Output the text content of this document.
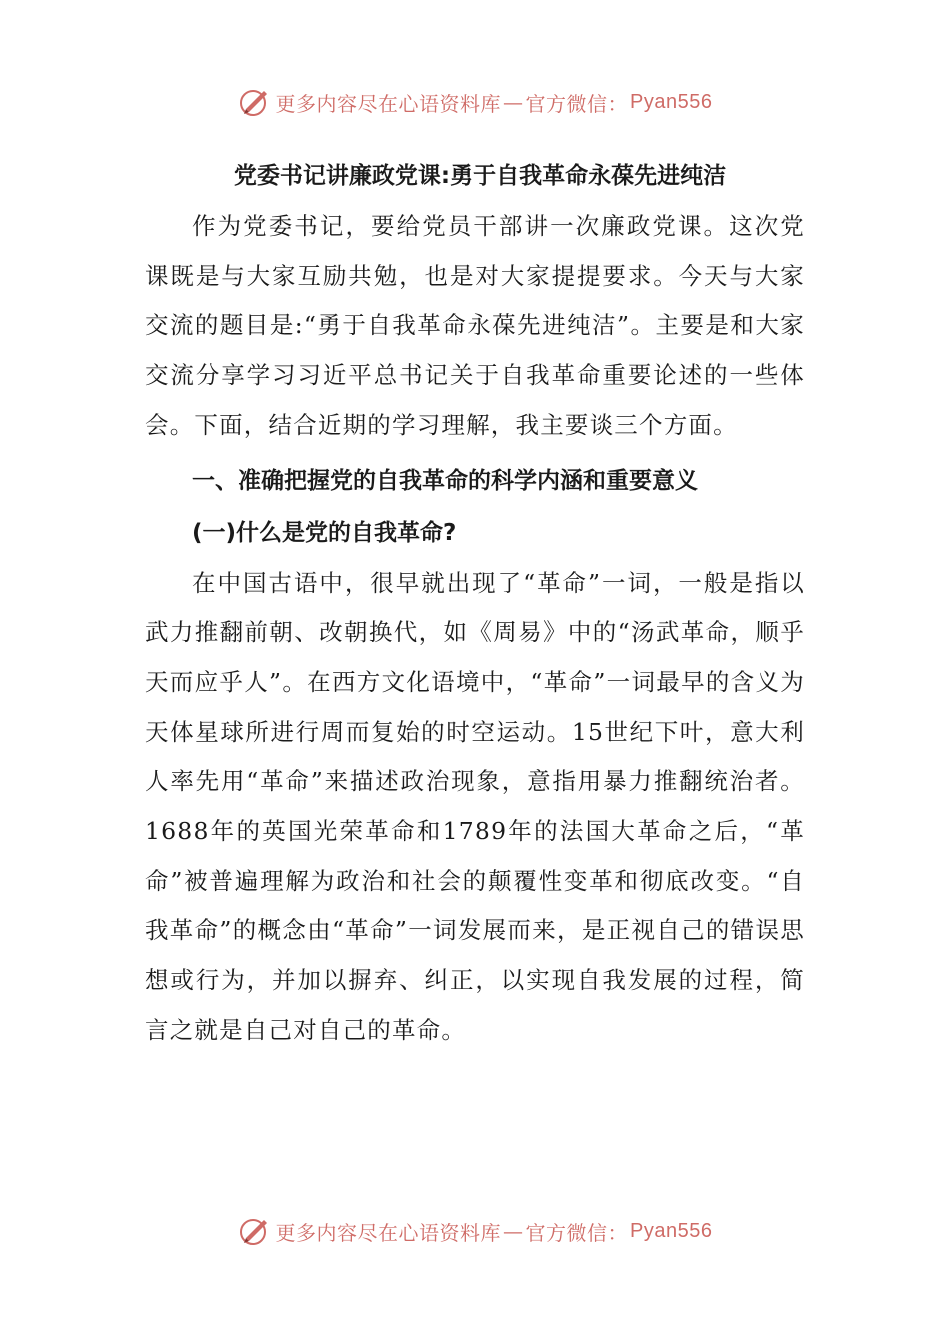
更多内容尽在心语资料库 — 官方微信： Pyan556
党委书记讲廉政党课:勇于自我革命永葆先进纯洁

作为党委书记，要给党员干部讲一次廉政党课。这次党课既是与大家互励共勉，也是对大家提提要求。今天与大家交流的题目是:“勇于自我革命永葆先进纯洁”。主要是和大家交流分享学习习近平总书记关于自我革命重要论述的一些体会。下面，结合近期的学习理解，我主要谈三个方面。

一、准确把握党的自我革命的科学内涵和重要意义
(一)什么是党的自我革命?

在中国古语中，很早就出现了“革命”一词，一般是指以武力推翻前朝、改朝换代，如《周易》中的“汤武革命，顺乎天而应乎人”。在西方文化语境中，“革命”一词最早的含义为天体星球所进行周而复始的时空运动。15世纪下叶，意大利人率先用“革命”来描述政治现象，意指用暴力推翻统治者。1688年的英国光荣革命和1789年的法国大革命之后，“革命”被普遍理解为政治和社会的颠覆性变革和彻底改变。“自我革命”的概念由“革命”一词发展而来，是正视自己的错误思想或行为，并加以摒弃、纠正，以实现自我发展的过程，简言之就是自己对自己的革命。

更多内容尽在心语资料库 — 官方微信： Pyan556
